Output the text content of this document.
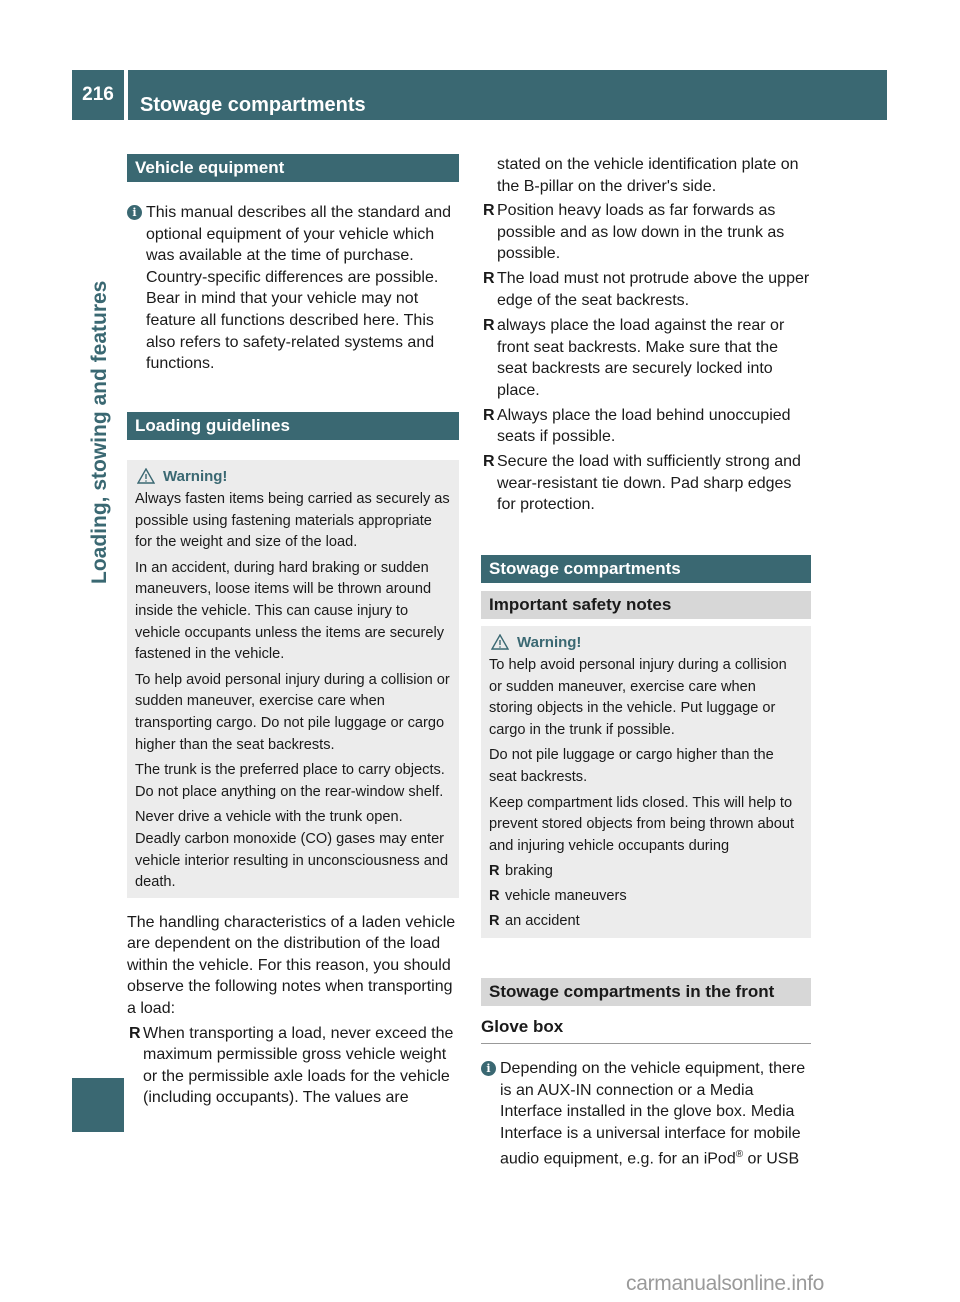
216	Stowage compartments
Loading, stowing and features
Vehicle equipment
i This manual describes all the standard and optional equipment of your vehicle which was available at the time of purchase. Country-specific differences are possible. Bear in mind that your vehicle may not feature all functions described here. This also refers to safety-related systems and functions.
Loading guidelines
Warning!

Always fasten items being carried as securely as possible using fastening materials appropriate for the weight and size of the load.

In an accident, during hard braking or sudden maneuvers, loose items will be thrown around inside the vehicle. This can cause injury to vehicle occupants unless the items are securely fastened in the vehicle.

To help avoid personal injury during a collision or sudden maneuver, exercise care when transporting cargo. Do not pile luggage or cargo higher than the seat backrests.

The trunk is the preferred place to carry objects. Do not place anything on the rear-window shelf.

Never drive a vehicle with the trunk open. Deadly carbon monoxide (CO) gases may enter vehicle interior resulting in unconsciousness and death.

The handling characteristics of a laden vehicle are dependent on the distribution of the load within the vehicle. For this reason, you should observe the following notes when transporting a load:

R When transporting a load, never exceed the maximum permissible gross vehicle weight or the permissible axle loads for the vehicle (including occupants). The values are

stated on the vehicle identification plate on the B-pillar on the driver's side.

R Position heavy loads as far forwards as possible and as low down in the trunk as possible.
R The load must not protrude above the upper edge of the seat backrests.
R always place the load against the rear or front seat backrests. Make sure that the seat backrests are securely locked into place.
R Always place the load behind unoccupied seats if possible.
R Secure the load with sufficiently strong and wear-resistant tie down. Pad sharp edges for protection.
Stowage compartments
Important safety notes
Warning!

To help avoid personal injury during a collision or sudden maneuver, exercise care when storing objects in the vehicle. Put luggage or cargo in the trunk if possible.

Do not pile luggage or cargo higher than the seat backrests.

Keep compartment lids closed. This will help to prevent stored objects from being thrown about and injuring vehicle occupants during

R braking
R vehicle maneuvers
R an accident
Stowage compartments in the front
Glove box
i Depending on the vehicle equipment, there is an AUX-IN connection or a Media Interface installed in the glove box. Media Interface is a universal interface for mobile audio equipment, e.g. for an iPod® or USB
carmanualsonline.info
